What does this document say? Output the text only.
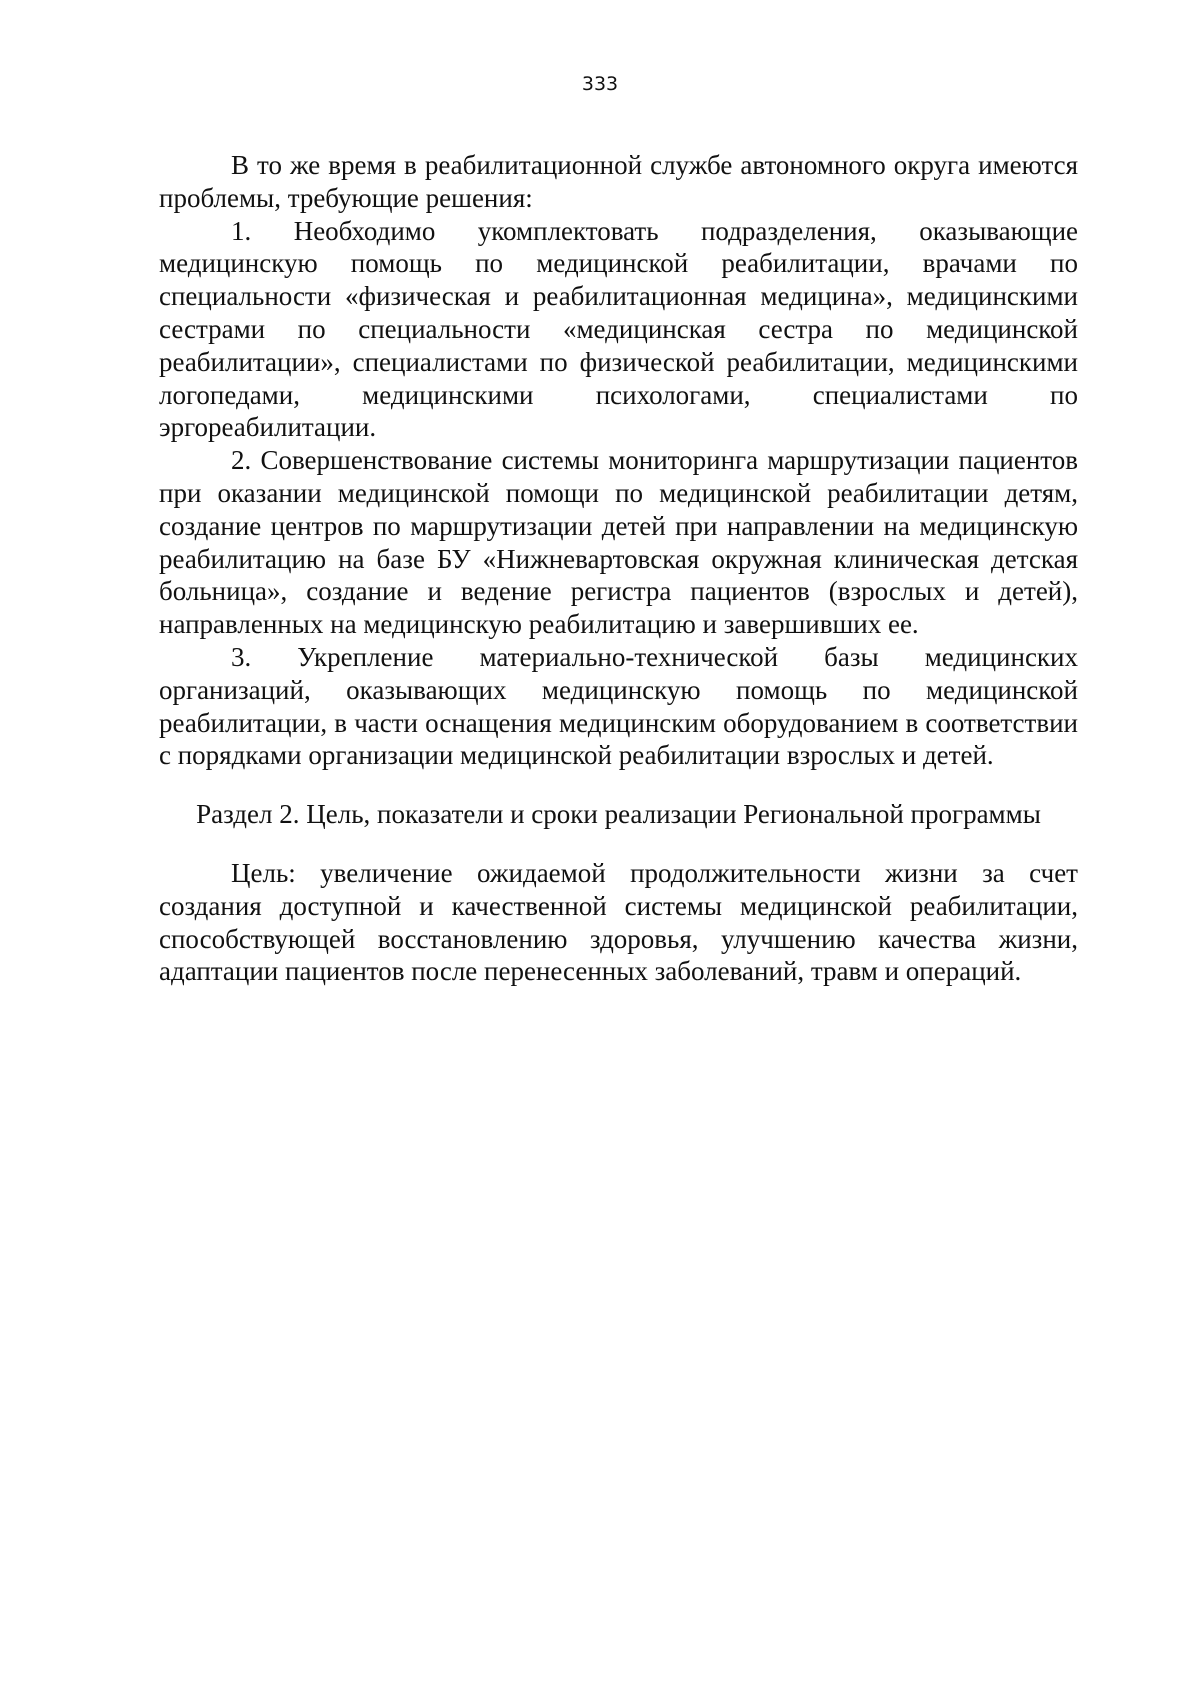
333

В то же время в реабилитационной службе автономного округа имеются проблемы, требующие решения:

1. Необходимо укомплектовать подразделения, оказывающие медицинскую помощь по медицинской реабилитации, врачами по специальности «физическая и реабилитационная медицина», медицинскими сестрами по специальности «медицинская сестра по медицинской реабилитации», специалистами по физической реабилитации, медицинскими логопедами, медицинскими психологами, специалистами по эргореабилитации.

2. Совершенствование системы мониторинга маршрутизации пациентов при оказании медицинской помощи по медицинской реабилитации детям, создание центров по маршрутизации детей при направлении на медицинскую реабилитацию на базе БУ «Нижневартовская окружная клиническая детская больница», создание и ведение регистра пациентов (взрослых и детей), направленных на медицинскую реабилитацию и завершивших ее.

3. Укрепление материально-технической базы медицинских организаций, оказывающих медицинскую помощь по медицинской реабилитации, в части оснащения медицинским оборудованием в соответствии с порядками организации медицинской реабилитации взрослых и детей.

Раздел 2. Цель, показатели и сроки реализации Региональной программы

Цель: увеличение ожидаемой продолжительности жизни за счет создания доступной и качественной системы медицинской реабилитации, способствующей восстановлению здоровья, улучшению качества жизни, адаптации пациентов после перенесенных заболеваний, травм и операций.
